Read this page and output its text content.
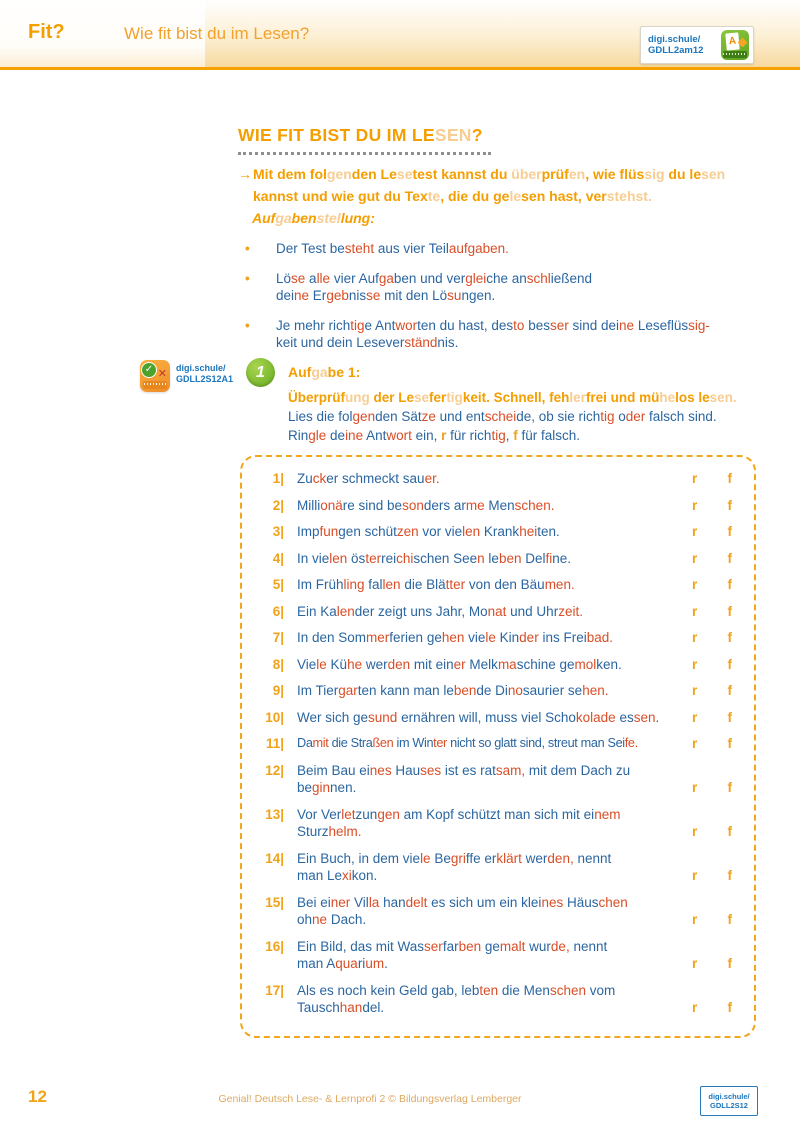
Fit?	Wie fit bist du im Lesen?	digi.schule/
GDLL2am12
A
WIE FIT BIST DU IM LESEN?
→ Mit dem folgenden Lesetest kannst du überprüfen, wie flüssig du lesen
kannst und wie gut du Texte, die du gelesen hast, verstehst.
Aufgabenstellung:
• Der Test besteht aus vier Teilaufgaben.
• Löse alle vier Aufgaben und vergleiche anschließend
deine Ergebnisse mit den Lösungen.
• Je mehr richtige Antworten du hast, desto besser sind deine Leseflüssig-
keit und dein Leseverständnis.
✓ ✕ digi.schule/
GDLL2S12A1	1	Aufgabe 1:
Überprüfung der Lesefertigkeit. Schnell, fehlerfrei und mühelos lesen.
Lies die folgenden Sätze und entscheide, ob sie richtig oder falsch sind.
Ringle deine Antwort ein, r für richtig, f für falsch.
1| Zucker schmeckt sauer.	r f
2| Millionäre sind besonders arme Menschen.	r f
3| Impfungen schützen vor vielen Krankheiten.	r f
4| In vielen österreichischen Seen leben Delfine.	r f
5| Im Frühling fallen die Blätter von den Bäumen.	r f
6| Ein Kalender zeigt uns Jahr, Monat und Uhrzeit.	r f
7| In den Sommerferien gehen viele Kinder ins Freibad.	r f
8| Viele Kühe werden mit einer Melkmaschine gemolken.	r f
9| Im Tiergarten kann man lebende Dinosaurier sehen.	r f
10| Wer sich gesund ernähren will, muss viel Schokolade essen.	r f
11| Damit die Straßen im Winter nicht so glatt sind, streut man Seife.	r f
12| Beim Bau eines Hauses ist es ratsam, mit dem Dach zu
beginnen.	r f
13| Vor Verletzungen am Kopf schützt man sich mit einem
Sturzhelm.	r f
14| Ein Buch, in dem viele Begriffe erklärt werden, nennt
man Lexikon.	r f
15| Bei einer Villa handelt es sich um ein kleines Häuschen
ohne Dach.	r f
16| Ein Bild, das mit Wasserfarben gemalt wurde, nennt
man Aquarium.	r f
17| Als es noch kein Geld gab, lebten die Menschen vom
Tauschhandel.	r f
12	Genial! Deutsch Lese- & Lernprofi 2 © Bildungsverlag Lemberger	digi.schule/
GDLL2S12
